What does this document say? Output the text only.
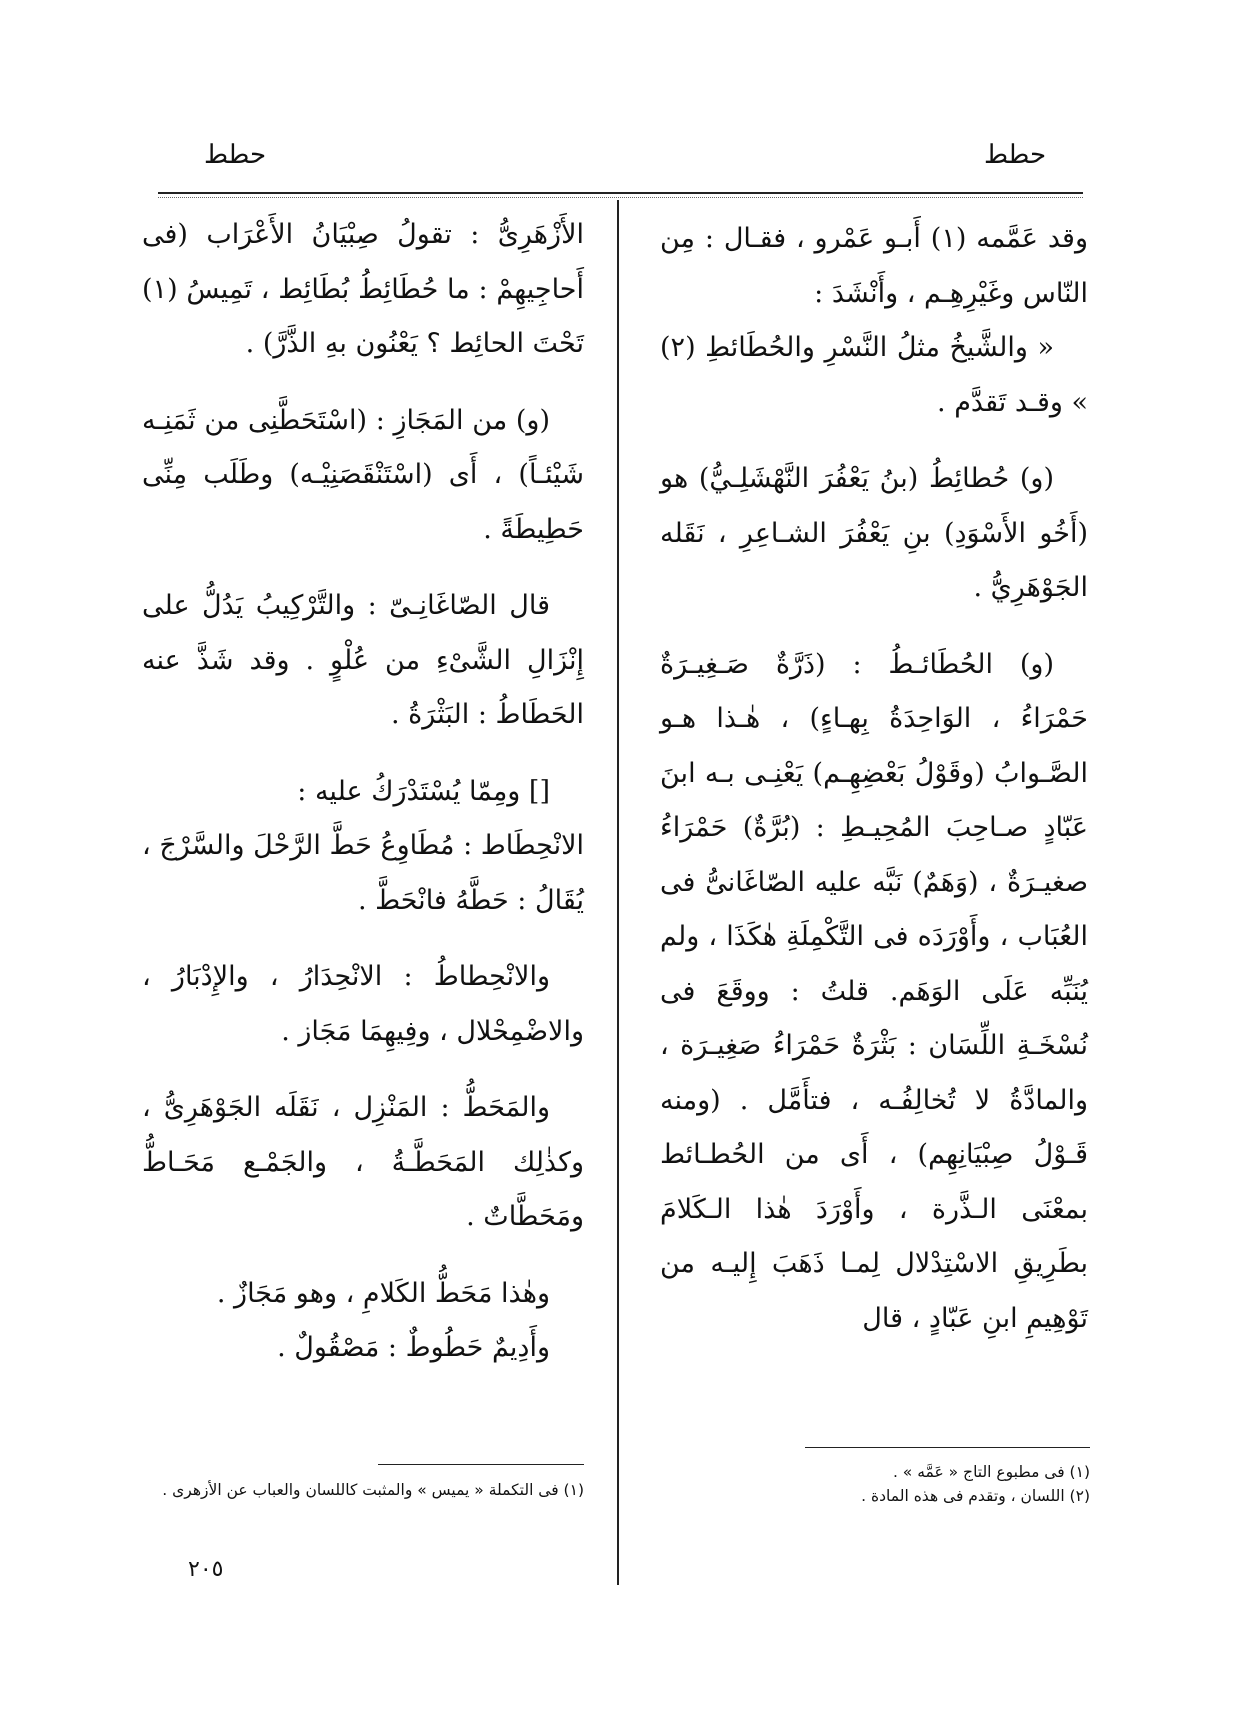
حطط
حطط

وقد عَمَّمه (١) أَبـو عَمْرو ، فقـال : مِن النّاس وغَيْرِهِـم ، وأَنْشَدَ :

« والشَّيخُ مثلُ النَّسْرِ والحُطَائطِ (٢) » وقـد تَقدَّم .

(و) حُطائِطُ (بنُ يَعْفُرَ النَّهْشَلِـيُّ) هو (أَخُو الأَسْوَدِ) بنِ يَعْفُرَ الشـاعِرِ ، نَقَله الجَوْهَرِيُّ .

(و) الحُطَائـطُ : (ذَرَّةٌ صَـغِيـرَةٌ حَمْرَاءُ ، الوَاحِدَةُ بِهـاءٍ) ، هٰـذا هـو الصَّـوابُ (وقَوْلُ بَعْضِهِـم) يَعْنِـى بـه ابنَ عَبّادٍ صـاحِبَ المُحِيـطِ : (بُرَّةٌ) حَمْرَاءُ صغيـرَةٌ ، (وَهَمٌ) نَبَّه عليه الصّاغَانىُّ فى العُبَاب ، وأَوْرَدَه فى التَّكْمِلَةِ هٰكَذَا ، ولم يُنَبِّه عَلَى الوَهَم. قلتُ : ووقَعَ فى نُسْخَـةِ اللِّسَان : بَثْرَةٌ حَمْرَاءُ صَغِيـرَة ، والمادَّةُ لا تُخالِفُـه ، فتأَمَّل . (ومنه قَـوْلُ صِبْيَانِهِم) ، أَى من الحُطـائط بمعْنَى الـذَّرة ، وأَوْرَدَ هٰذا الـكَلامَ بطَرِيقِ الاسْتِدْلال لِمـا ذَهَبَ إِليـه من تَوْهِيمِ ابنِ عَبّادٍ ، قال

الأَزْهَرِىُّ : تقولُ صِبْيَانُ الأَعْرَاب (فى أَحاجِيهِمْ : ما حُطَائِطُ بُطَائِط ، تَمِيسُ (١) تَحْتَ الحائِط ؟ يَعْنُون بهِ الذَّرَّ) .

(و) من المَجَازِ : (اسْتَحَطَّنِى من ثَمَنِـه شَيْئـاً) ، أَى (اسْتَنْقَصَنِيْـه) وطَلَب مِنِّى حَطِيطَةً .

قال الصّاغَانِـىّ : والتَّرْكِيبُ يَدُلُّ على إِنْزَالِ الشَّىْءِ من عُلْوٍ . وقد شَذَّ عنه الحَطَاطُ : البَثْرَةُ .

[] ومِمّا يُسْتَدْرَكُ عليه :

الانْحِطَاط : مُطَاوِعُ حَطَّ الرَّحْلَ والسَّرْجَ ، يُقَالُ : حَطَّهُ فانْحَطَّ .

والانْحِطاطُ : الانْحِدَارُ ، والإِدْبَارُ ، والاضْمِحْلال ، وفِيهِمَا مَجَاز .

والمَحَطُّ : المَنْزِل ، نَقَلَه الجَوْهَرِىُّ ، وكذٰلِك المَحَطَّـةُ ، والجَمْـع مَحَـاطُّ ومَحَطَّاتٌ .

وهٰذا مَحَطُّ الكَلامِ ، وهو مَجَازٌ .

وأَدِيمٌ حَطُوطٌ : مَصْقُولٌ .

(١) فى مطبوع التاج « عَمَّه » .

(٢) اللسان ، وتقدم فى هذه المادة .

(١) فى التكملة « يميس » والمثبت كاللسان والعباب عن الأزهرى .

٢٠٥
